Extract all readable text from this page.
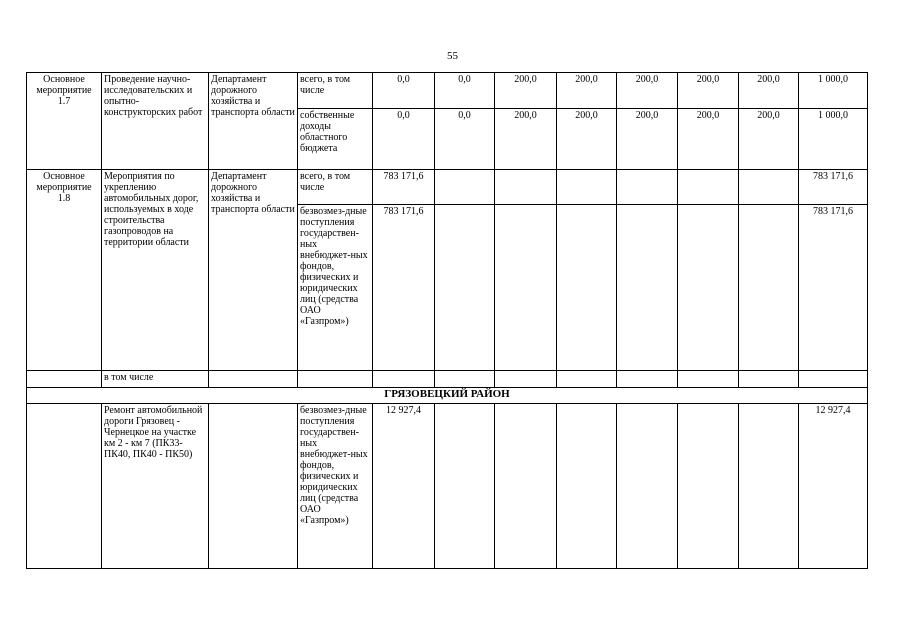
55
Основное мероприятие 1.7	Проведение научно-исследовательских и опытно-конструкторских работ	Департамент дорожного хозяйства и транспорта области	всего, в том числе	0,0	0,0	200,0	200,0	200,0	200,0	200,0	1 000,0
			собственные доходы областного бюджета	0,0	0,0	200,0	200,0	200,0	200,0	200,0	1 000,0
Основное мероприятие 1.8	Мероприятия по укреплению автомобильных дорог, используемых в ходе строительства газопроводов на территории области	Департамент дорожного хозяйства и транспорта области	всего, в том числе	783 171,6							783 171,6
			безвозмез-дные поступления государствен-ных внебюджет-ных фондов, физических и юридических лиц (средства ОАО «Газпром»)	783 171,6							783 171,6
	в том числе										
ГРЯЗОВЕЦКИЙ РАЙОН											
	Ремонт автомобильной дороги Грязовец - Чернецкое на участке км 2 - км 7 (ПК33-ПК40, ПК40 - ПК50)		безвозмез-дные поступления государствен-ных внебюджет-ных фондов, физических и юридических лиц (средства ОАО «Газпром»)	12 927,4							12 927,4
